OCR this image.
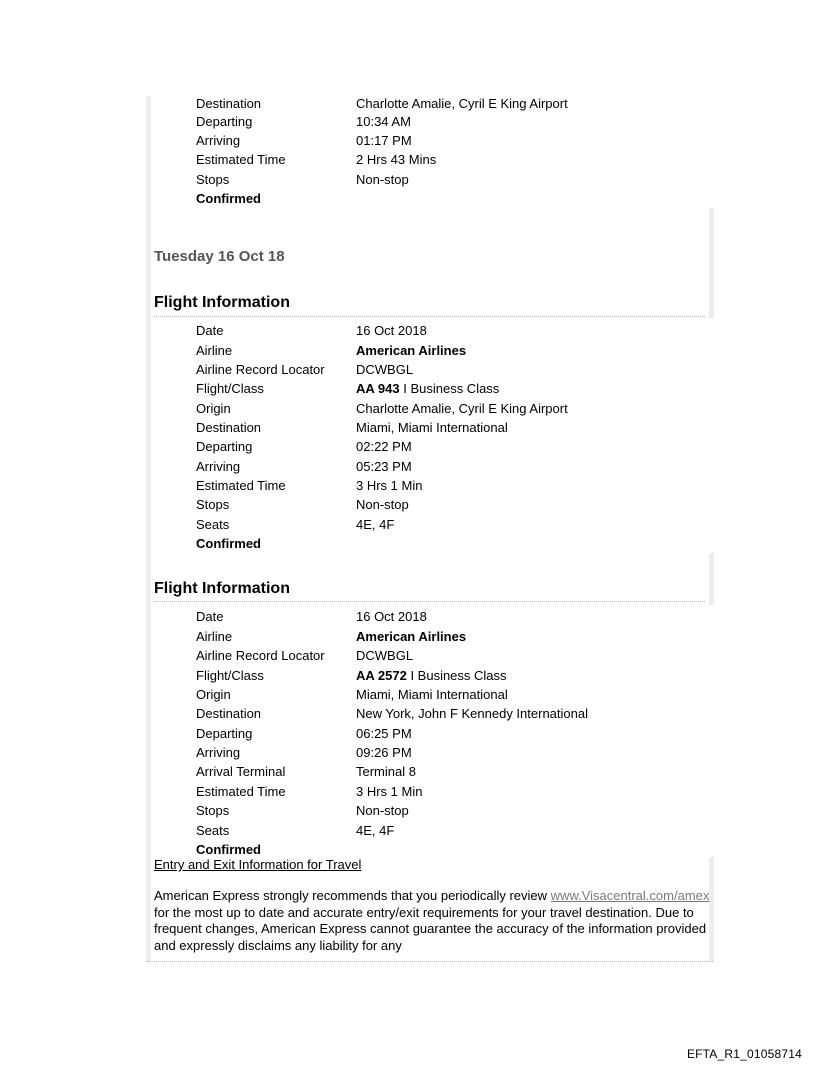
Destination	Charlotte Amalie, Cyril E King Airport
Departing	10:34 AM
Arriving	01:17 PM
Estimated Time	2 Hrs 43 Mins
Stops	Non-stop
Confirmed
Tuesday 16 Oct 18
Flight Information
Date	16 Oct 2018
Airline	American Airlines
Airline Record Locator DCWBGL
Flight/Class	AA 943 I Business Class
Origin	Charlotte Amalie, Cyril E King Airport
Destination	Miami, Miami International
Departing	02:22 PM
Arriving	05:23 PM
Estimated Time	3 Hrs 1 Min
Stops	Non-stop
Seats	4E, 4F
Confirmed
Flight Information
Date	16 Oct 2018
Airline	American Airlines
Airline Record Locator DCWBGL
Flight/Class	AA 2572 I Business Class
Origin	Miami, Miami International
Destination	New York, John F Kennedy International
Departing	06:25 PM
Arriving	09:26 PM
Arrival Terminal	Terminal 8
Estimated Time	3 Hrs 1 Min
Stops	Non-stop
Seats	4E, 4F
Confirmed
Entry and Exit Information for Travel
American Express strongly recommends that you periodically review www.Visacentral.com/amex for the most up to date and accurate entry/exit requirements for your travel destination. Due to frequent changes, American Express cannot guarantee the accuracy of the information provided and expressly disclaims any liability for any
EFTA_R1_01058714
